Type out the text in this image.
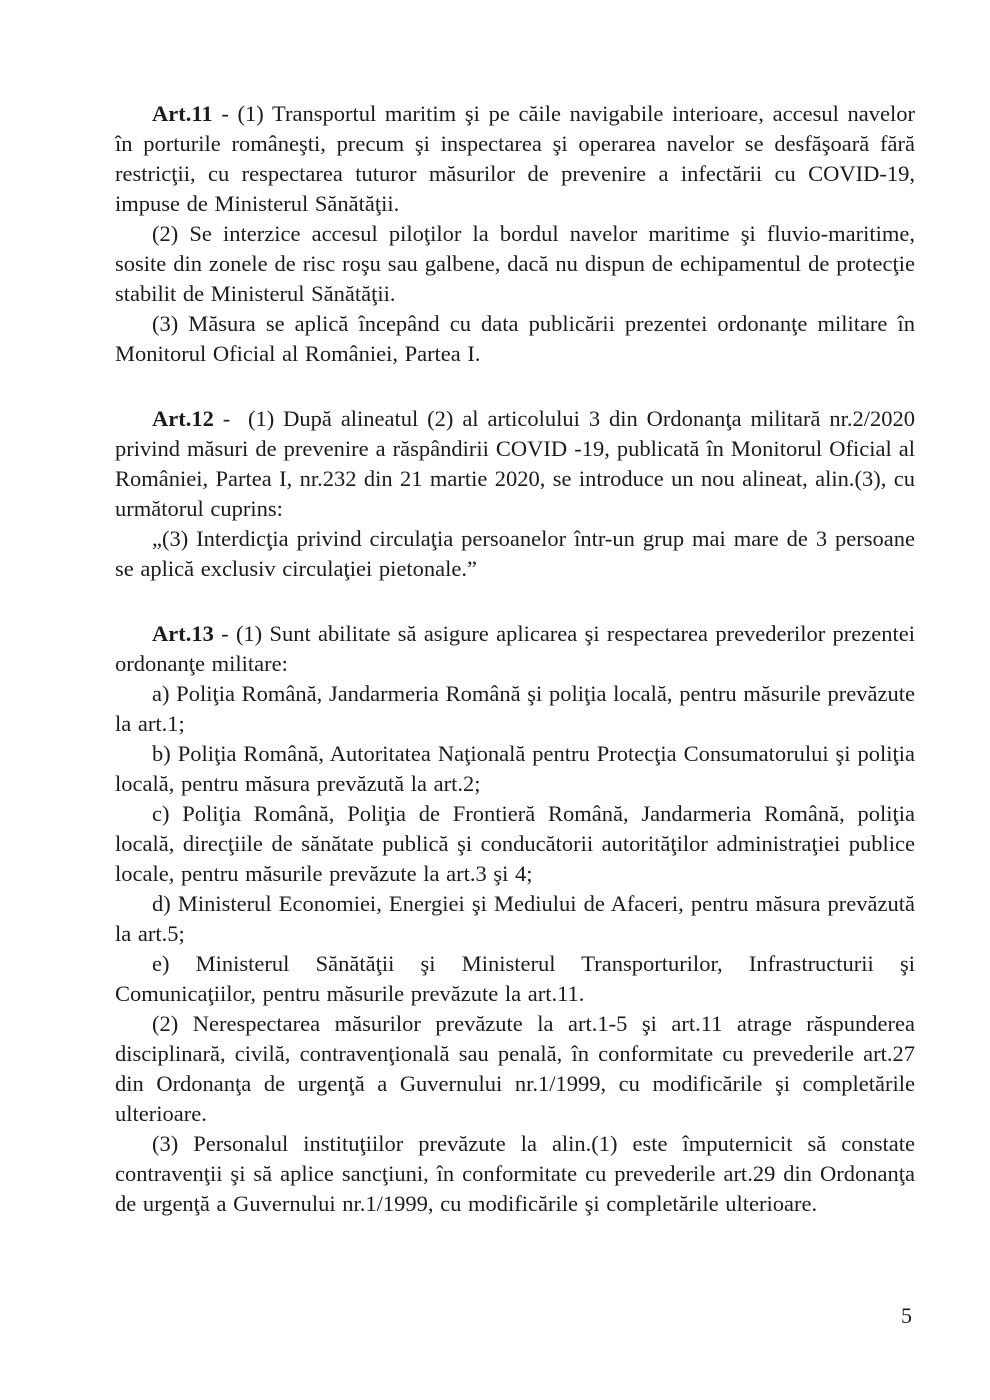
Art.11 - (1) Transportul maritim şi pe căile navigabile interioare, accesul navelor în porturile româneşti, precum şi inspectarea şi operarea navelor se desfăşoară fără restricţii, cu respectarea tuturor măsurilor de prevenire a infectării cu COVID-19, impuse de Ministerul Sănătăţii.

(2) Se interzice accesul piloţilor la bordul navelor maritime şi fluvio-maritime, sosite din zonele de risc roşu sau galbene, dacă nu dispun de echipamentul de protecţie stabilit de Ministerul Sănătăţii.

(3) Măsura se aplică începând cu data publicării prezentei ordonanţe militare în Monitorul Oficial al României, Partea I.

Art.12 -  (1) După alineatul (2) al articolului 3 din Ordonanţa militară nr.2/2020 privind măsuri de prevenire a răspândirii COVID -19, publicată în Monitorul Oficial al României, Partea I, nr.232 din 21 martie 2020, se introduce un nou alineat, alin.(3), cu următorul cuprins:

„(3) Interdicţia privind circulaţia persoanelor într-un grup mai mare de 3 persoane se aplică exclusiv circulaţiei pietonale.”

Art.13 - (1) Sunt abilitate să asigure aplicarea şi respectarea prevederilor prezentei ordonanţe militare:

a) Poliţia Română, Jandarmeria Română şi poliţia locală, pentru măsurile prevăzute la art.1;

b) Poliţia Română, Autoritatea Naţională pentru Protecţia Consumatorului şi poliţia locală, pentru măsura prevăzută la art.2;

c) Poliţia Română, Poliţia de Frontieră Română, Jandarmeria Română, poliţia locală, direcţiile de sănătate publică şi conducătorii autorităţilor administraţiei publice locale, pentru măsurile prevăzute la art.3 şi 4;

d) Ministerul Economiei, Energiei şi Mediului de Afaceri, pentru măsura prevăzută la art.5;

e) Ministerul Sănătăţii şi Ministerul Transporturilor, Infrastructurii şi Comunicaţiilor, pentru măsurile prevăzute la art.11.

(2) Nerespectarea măsurilor prevăzute la art.1-5 şi art.11 atrage răspunderea disciplinară, civilă, contravenţională sau penală, în conformitate cu prevederile art.27 din Ordonanţa de urgenţă a Guvernului nr.1/1999, cu modificările şi completările ulterioare.

(3) Personalul instituţiilor prevăzute la alin.(1) este împuternicit să constate contravenţii şi să aplice sancţiuni, în conformitate cu prevederile art.29 din Ordonanţa de urgenţă a Guvernului nr.1/1999, cu modificările şi completările ulterioare.

5
